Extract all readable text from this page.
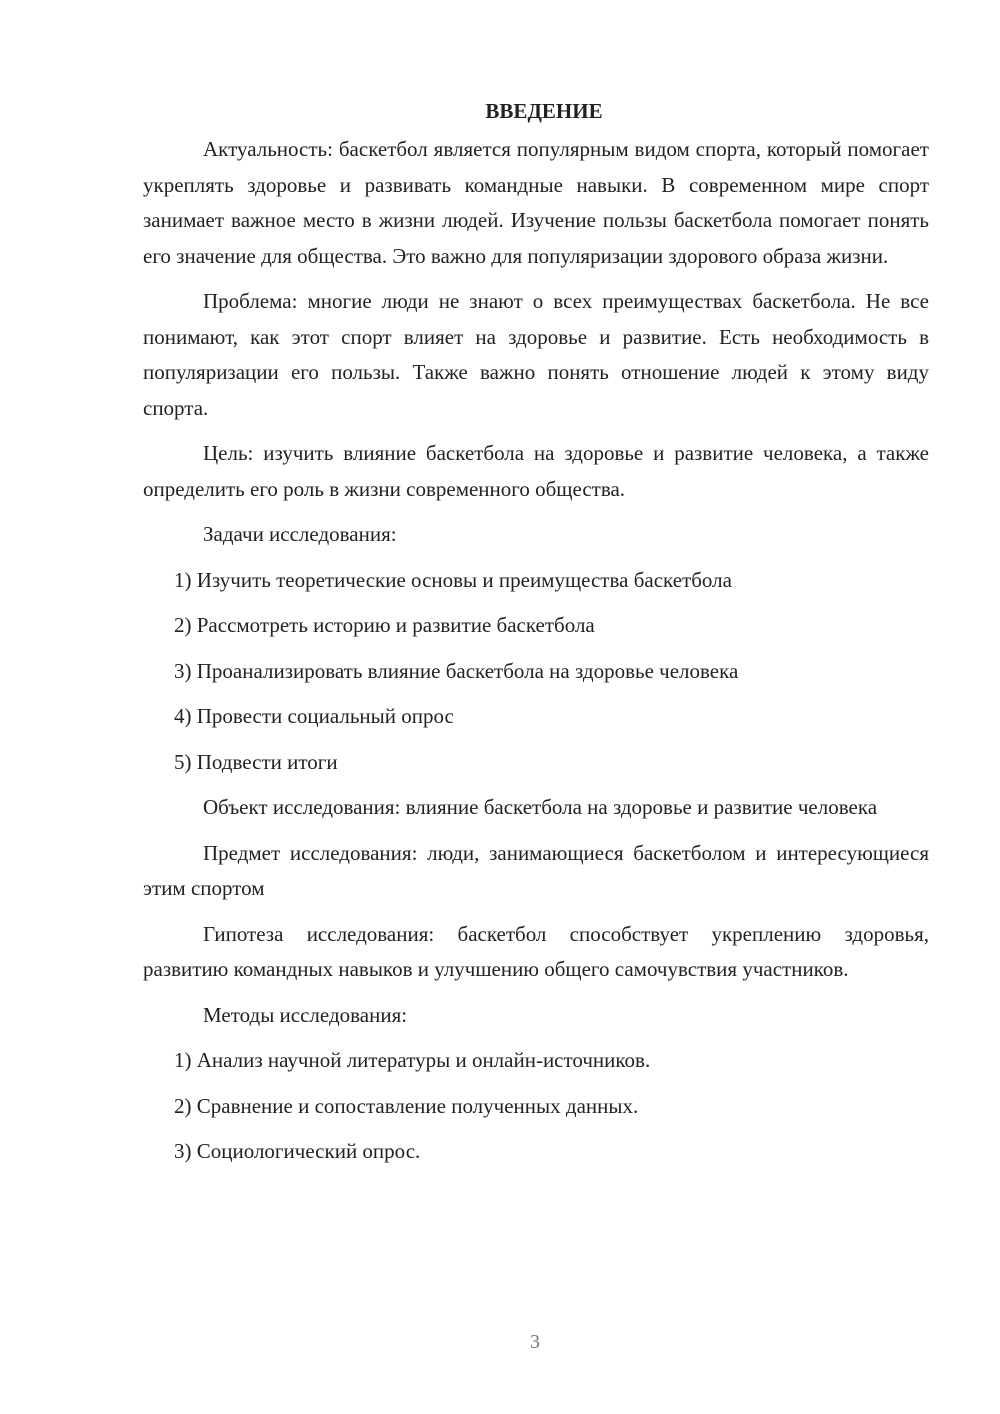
ВВЕДЕНИЕ

Актуальность: баскетбол является популярным видом спорта, который помогает укреплять здоровье и развивать командные навыки. В современном мире спорт занимает важное место в жизни людей. Изучение пользы баскетбола помогает понять его значение для общества. Это важно для популяризации здорового образа жизни.

Проблема: многие люди не знают о всех преимуществах баскетбола. Не все понимают, как этот спорт влияет на здоровье и развитие. Есть необходимость в популяризации его пользы. Также важно понять отношение людей к этому виду спорта.

Цель: изучить влияние баскетбола на здоровье и развитие человека, а также определить его роль в жизни современного общества.

Задачи исследования:

1) Изучить теоретические основы и преимущества баскетбола
2) Рассмотреть историю и развитие баскетбола
3) Проанализировать влияние баскетбола на здоровье человека
4) Провести социальный опрос
5) Подвести итоги

Объект исследования: влияние баскетбола на здоровье и развитие человека

Предмет исследования: люди, занимающиеся баскетболом и интересующиеся этим спортом

Гипотеза исследования: баскетбол способствует укреплению здоровья, развитию командных навыков и улучшению общего самочувствия участников.

Методы исследования:

1) Анализ научной литературы и онлайн-источников.
2) Сравнение и сопоставление полученных данных.
3) Социологический опрос.
3
